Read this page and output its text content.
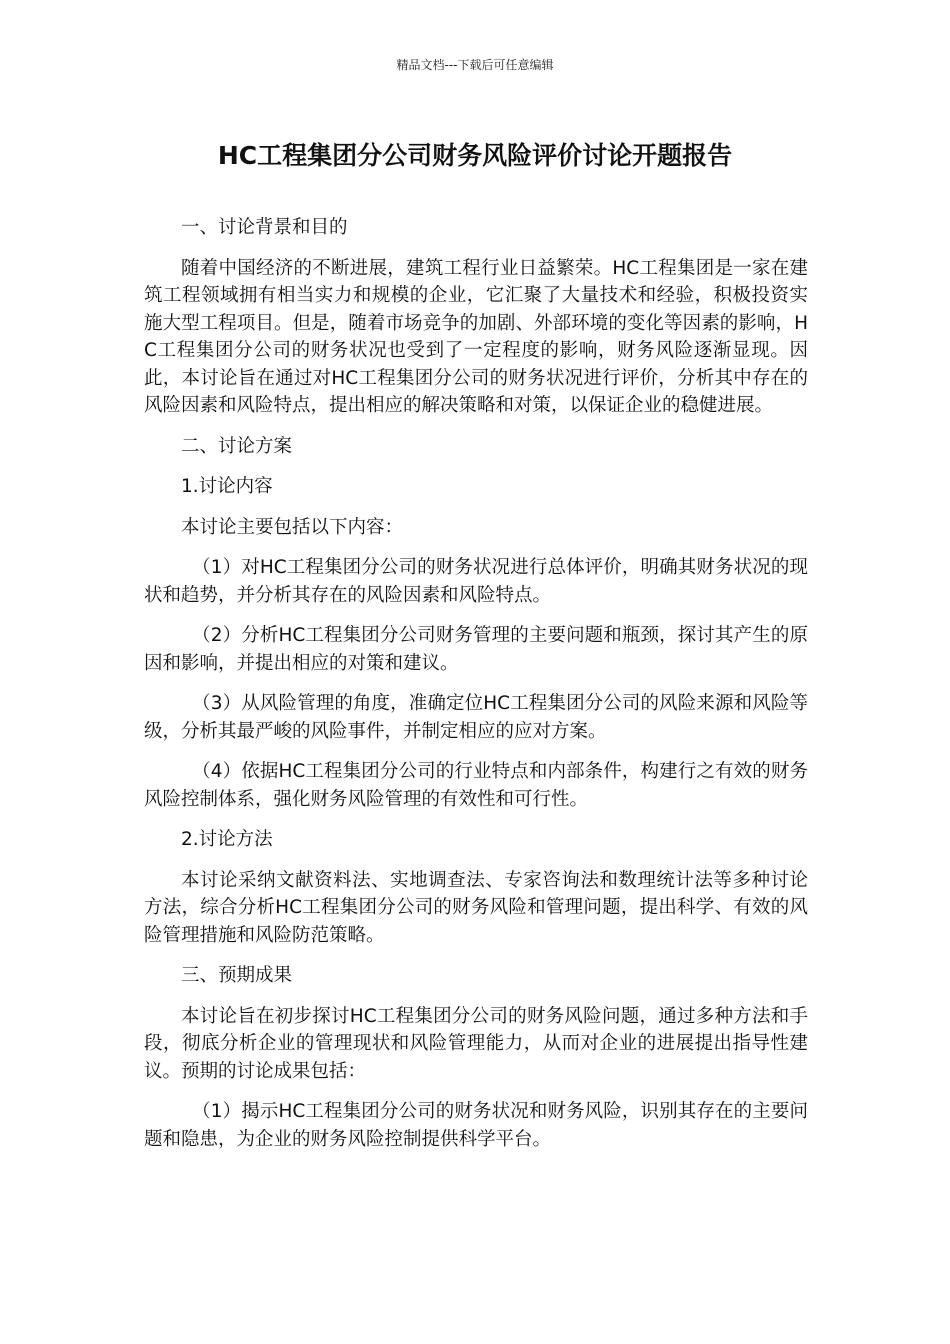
精品文档---下载后可任意编辑
HC工程集团分公司财务风险评价讨论开题报告

一、讨论背景和目的

随着中国经济的不断进展，建筑工程行业日益繁荣。HC工程集团是一家在建筑工程领域拥有相当实力和规模的企业，它汇聚了大量技术和经验，积极投资实施大型工程项目。但是，随着市场竞争的加剧、外部环境的变化等因素的影响，HC工程集团分公司的财务状况也受到了一定程度的影响，财务风险逐渐显现。因此，本讨论旨在通过对HC工程集团分公司的财务状况进行评价，分析其中存在的风险因素和风险特点，提出相应的解决策略和对策，以保证企业的稳健进展。

二、讨论方案

1.讨论内容

本讨论主要包括以下内容：

（1）对HC工程集团分公司的财务状况进行总体评价，明确其财务状况的现状和趋势，并分析其存在的风险因素和风险特点。

（2）分析HC工程集团分公司财务管理的主要问题和瓶颈，探讨其产生的原因和影响，并提出相应的对策和建议。

（3）从风险管理的角度，准确定位HC工程集团分公司的风险来源和风险等级，分析其最严峻的风险事件，并制定相应的应对方案。

（4）依据HC工程集团分公司的行业特点和内部条件，构建行之有效的财务风险控制体系，强化财务风险管理的有效性和可行性。

2.讨论方法

本讨论采纳文献资料法、实地调查法、专家咨询法和数理统计法等多种讨论方法，综合分析HC工程集团分公司的财务风险和管理问题，提出科学、有效的风险管理措施和风险防范策略。

三、预期成果

本讨论旨在初步探讨HC工程集团分公司的财务风险问题，通过多种方法和手段，彻底分析企业的管理现状和风险管理能力，从而对企业的进展提出指导性建议。预期的讨论成果包括：

（1）揭示HC工程集团分公司的财务状况和财务风险，识别其存在的主要问题和隐患，为企业的财务风险控制提供科学平台。
